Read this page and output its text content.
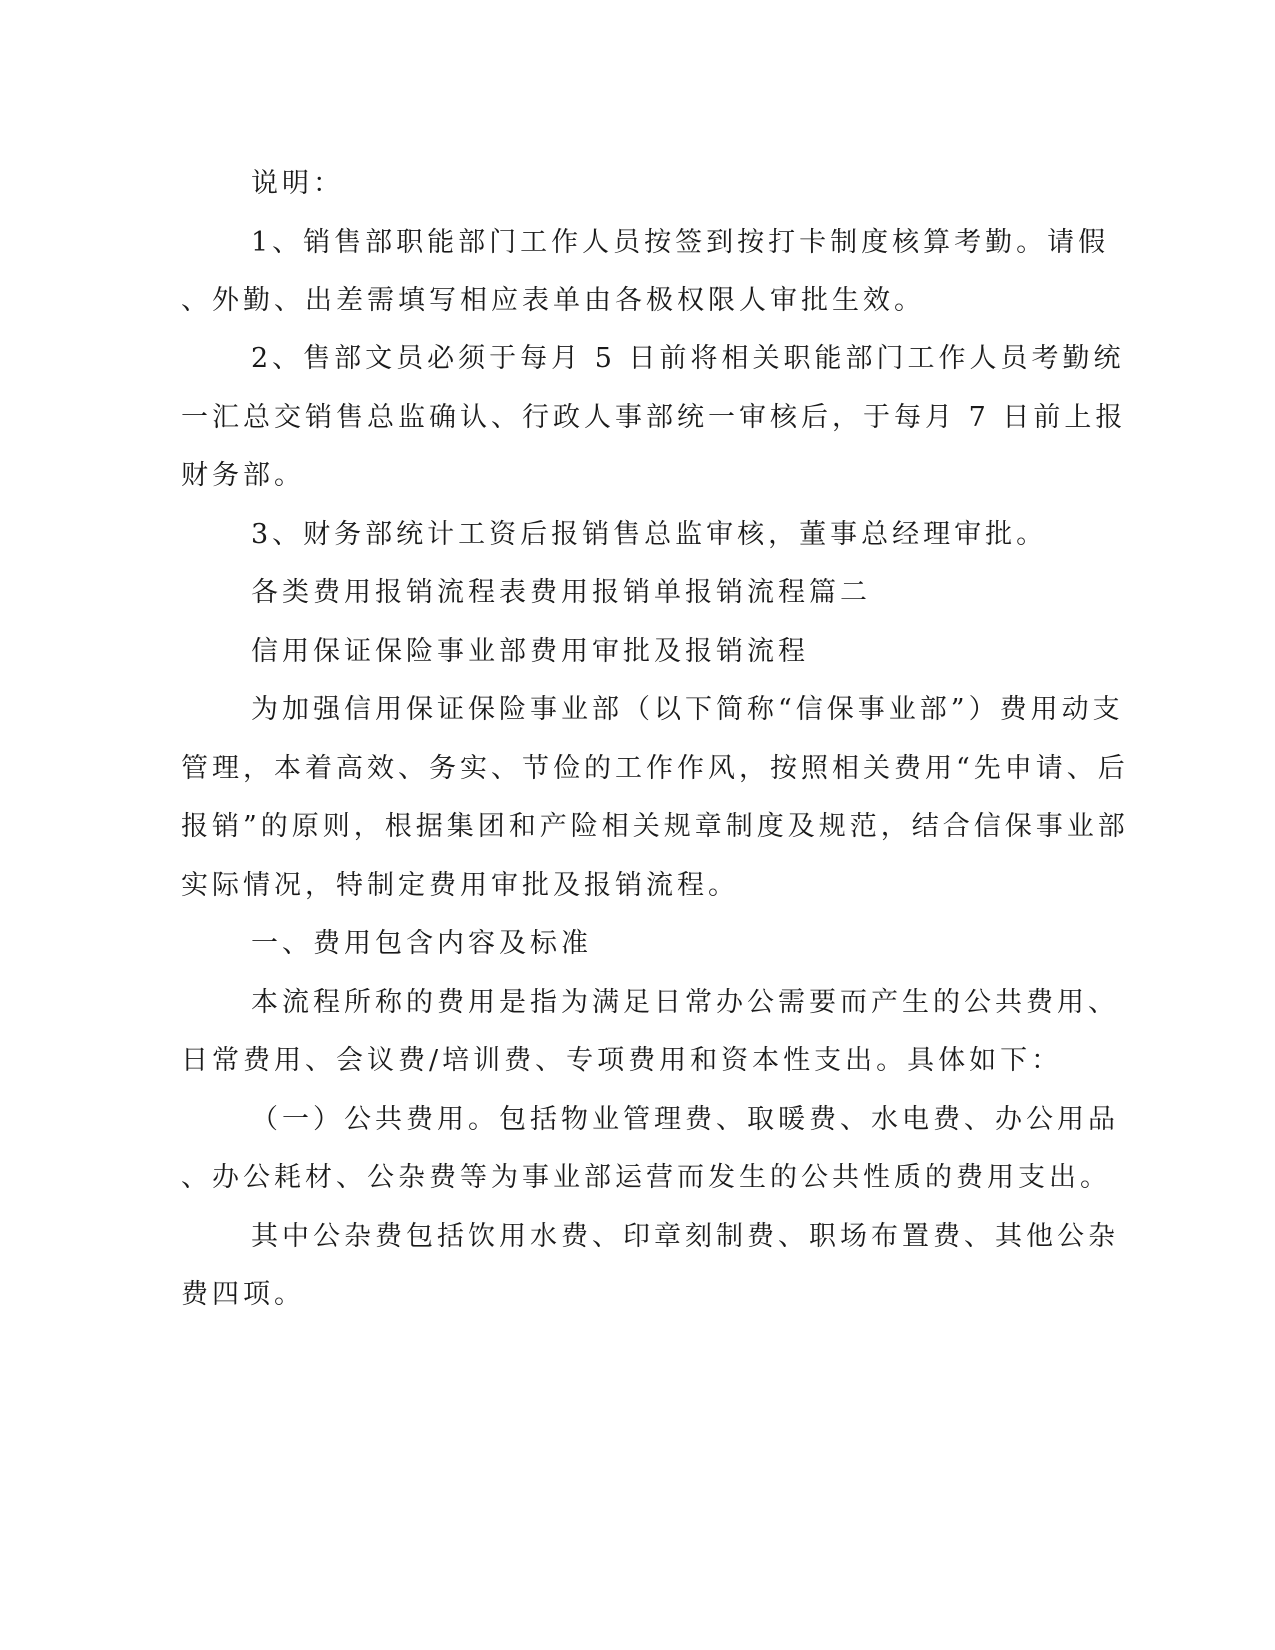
说明：
1、销售部职能部门工作人员按签到按打卡制度核算考勤。请假
、外勤、出差需填写相应表单由各极权限人审批生效。
2、售部文员必须于每月 5 日前将相关职能部门工作人员考勤统
一汇总交销售总监确认、行政人事部统一审核后，于每月 7 日前上报
财务部。
3、财务部统计工资后报销售总监审核，董事总经理审批。
各类费用报销流程表费用报销单报销流程篇二
信用保证保险事业部费用审批及报销流程
为加强信用保证保险事业部（以下简称“信保事业部”）费用动支
管理，本着高效、务实、节俭的工作作风，按照相关费用“先申请、后
报销”的原则，根据集团和产险相关规章制度及规范，结合信保事业部
实际情况，特制定费用审批及报销流程。
一、费用包含内容及标准
本流程所称的费用是指为满足日常办公需要而产生的公共费用、
日常费用、会议费/培训费、专项费用和资本性支出。具体如下：
（一）公共费用。包括物业管理费、取暖费、水电费、办公用品
、办公耗材、公杂费等为事业部运营而发生的公共性质的费用支出。
其中公杂费包括饮用水费、印章刻制费、职场布置费、其他公杂
费四项。
